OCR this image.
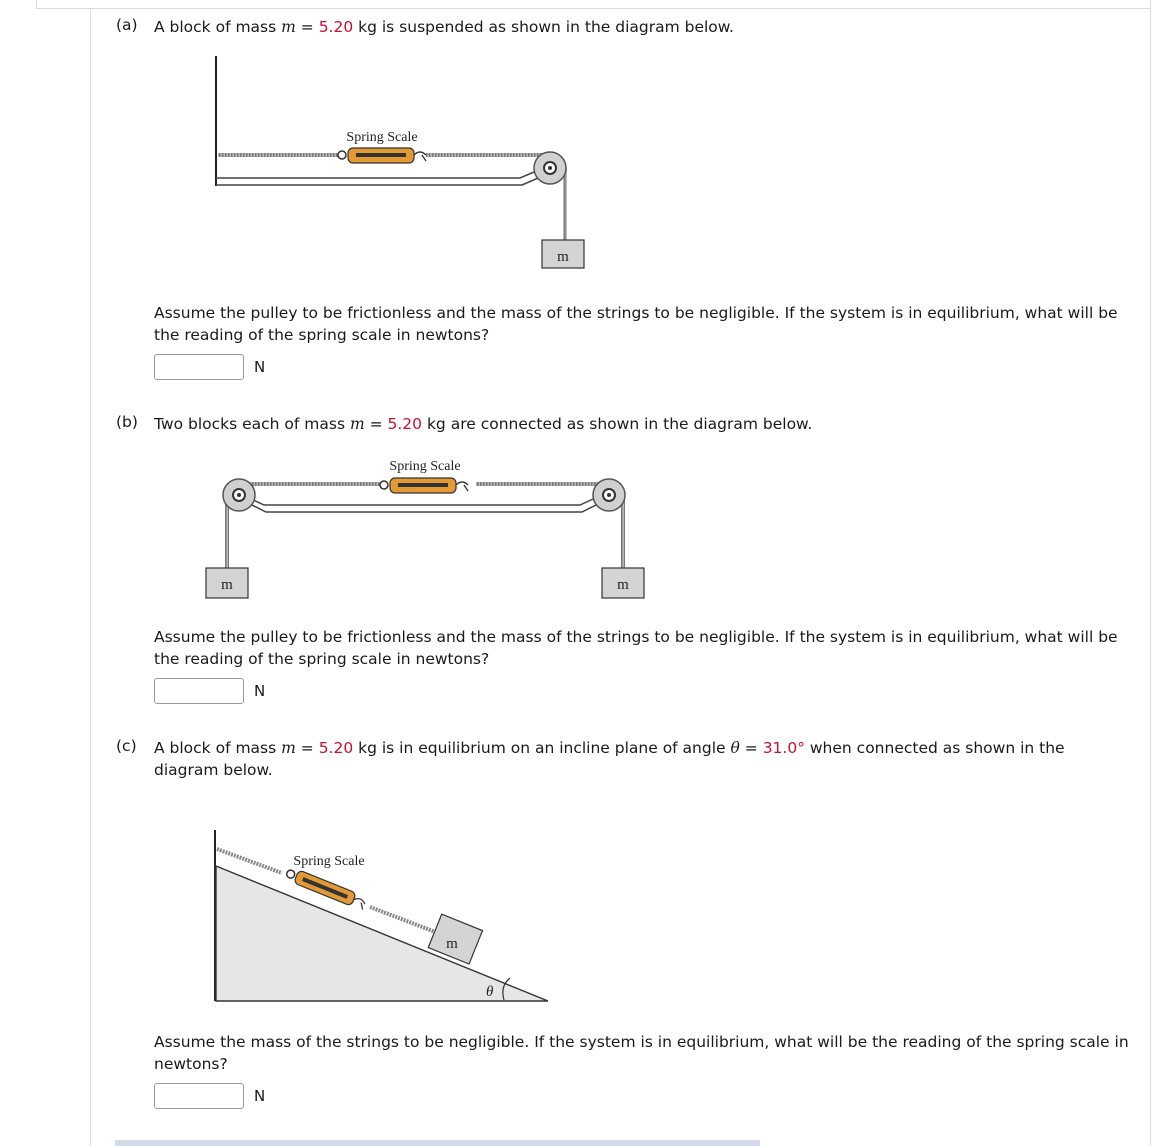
(a) A block of mass m = 5.20 kg is suspended as shown in the diagram below.
Spring Scale
m
Spring Scale
m	m
Spring Scale
m
θ
Assume the pulley to be frictionless and the mass of the strings to be negligible. If the system is in equilibrium, what will be the reading of the spring scale in newtons?
N
(b) Two blocks each of mass m = 5.20 kg are connected as shown in the diagram below.
Assume the pulley to be frictionless and the mass of the strings to be negligible. If the system is in equilibrium, what will be the reading of the spring scale in newtons?
N
(c) A block of mass m = 5.20 kg is in equilibrium on an incline plane of angle θ = 31.0° when connected as shown in the
diagram below.
Assume the mass of the strings to be negligible. If the system is in equilibrium, what will be the reading of the spring scale in newtons?
N
